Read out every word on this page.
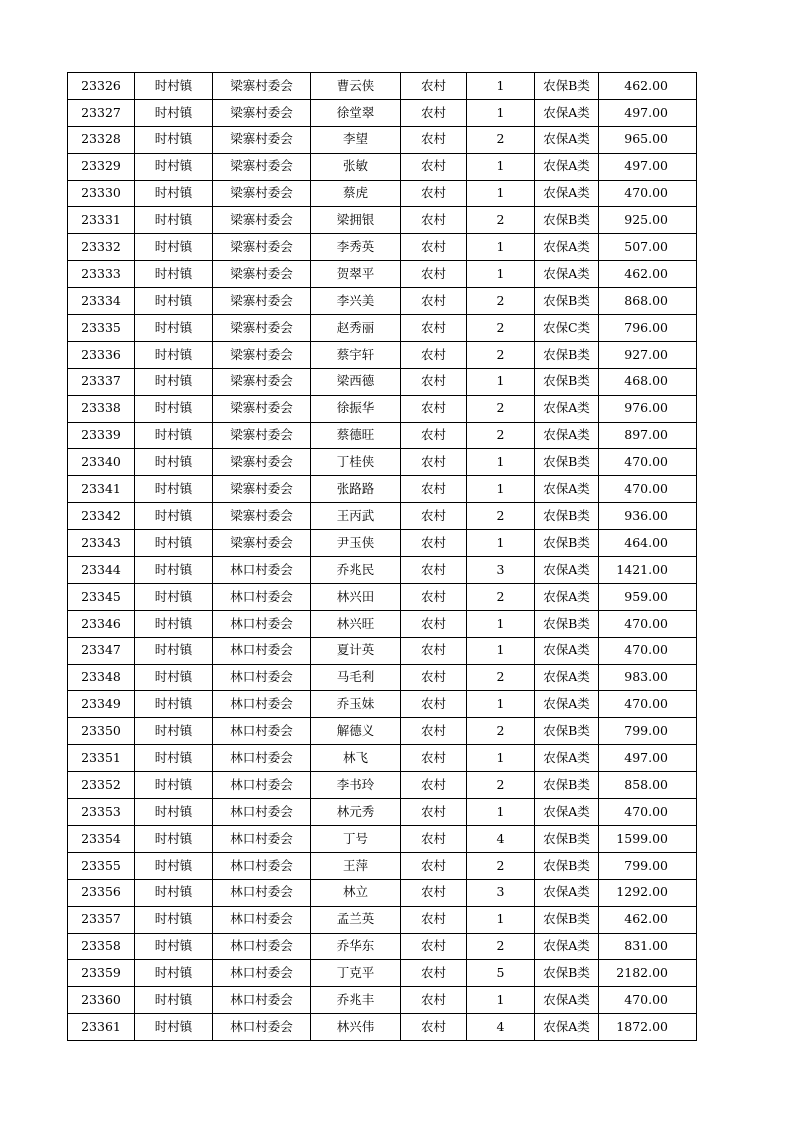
23326	时村镇	梁寨村委会	曹云侠	农村	1	农保B类	462.00
23327	时村镇	梁寨村委会	徐堂翠	农村	1	农保A类	497.00
23328	时村镇	梁寨村委会	李望	农村	2	农保A类	965.00
23329	时村镇	梁寨村委会	张敏	农村	1	农保A类	497.00
23330	时村镇	梁寨村委会	蔡虎	农村	1	农保A类	470.00
23331	时村镇	梁寨村委会	梁拥银	农村	2	农保B类	925.00
23332	时村镇	梁寨村委会	李秀英	农村	1	农保A类	507.00
23333	时村镇	梁寨村委会	贺翠平	农村	1	农保A类	462.00
23334	时村镇	梁寨村委会	李兴美	农村	2	农保B类	868.00
23335	时村镇	梁寨村委会	赵秀丽	农村	2	农保C类	796.00
23336	时村镇	梁寨村委会	蔡宇轩	农村	2	农保B类	927.00
23337	时村镇	梁寨村委会	梁西德	农村	1	农保B类	468.00
23338	时村镇	梁寨村委会	徐振华	农村	2	农保A类	976.00
23339	时村镇	梁寨村委会	蔡德旺	农村	2	农保A类	897.00
23340	时村镇	梁寨村委会	丁桂侠	农村	1	农保B类	470.00
23341	时村镇	梁寨村委会	张路路	农村	1	农保A类	470.00
23342	时村镇	梁寨村委会	王丙武	农村	2	农保B类	936.00
23343	时村镇	梁寨村委会	尹玉侠	农村	1	农保B类	464.00
23344	时村镇	林口村委会	乔兆民	农村	3	农保A类	1421.00
23345	时村镇	林口村委会	林兴田	农村	2	农保A类	959.00
23346	时村镇	林口村委会	林兴旺	农村	1	农保B类	470.00
23347	时村镇	林口村委会	夏计英	农村	1	农保A类	470.00
23348	时村镇	林口村委会	马毛利	农村	2	农保A类	983.00
23349	时村镇	林口村委会	乔玉妹	农村	1	农保A类	470.00
23350	时村镇	林口村委会	解德义	农村	2	农保B类	799.00
23351	时村镇	林口村委会	林飞	农村	1	农保A类	497.00
23352	时村镇	林口村委会	李书玲	农村	2	农保B类	858.00
23353	时村镇	林口村委会	林元秀	农村	1	农保A类	470.00
23354	时村镇	林口村委会	丁号	农村	4	农保B类	1599.00
23355	时村镇	林口村委会	王萍	农村	2	农保B类	799.00
23356	时村镇	林口村委会	林立	农村	3	农保A类	1292.00
23357	时村镇	林口村委会	孟兰英	农村	1	农保B类	462.00
23358	时村镇	林口村委会	乔华东	农村	2	农保A类	831.00
23359	时村镇	林口村委会	丁克平	农村	5	农保B类	2182.00
23360	时村镇	林口村委会	乔兆丰	农村	1	农保A类	470.00
23361	时村镇	林口村委会	林兴伟	农村	4	农保A类	1872.00
